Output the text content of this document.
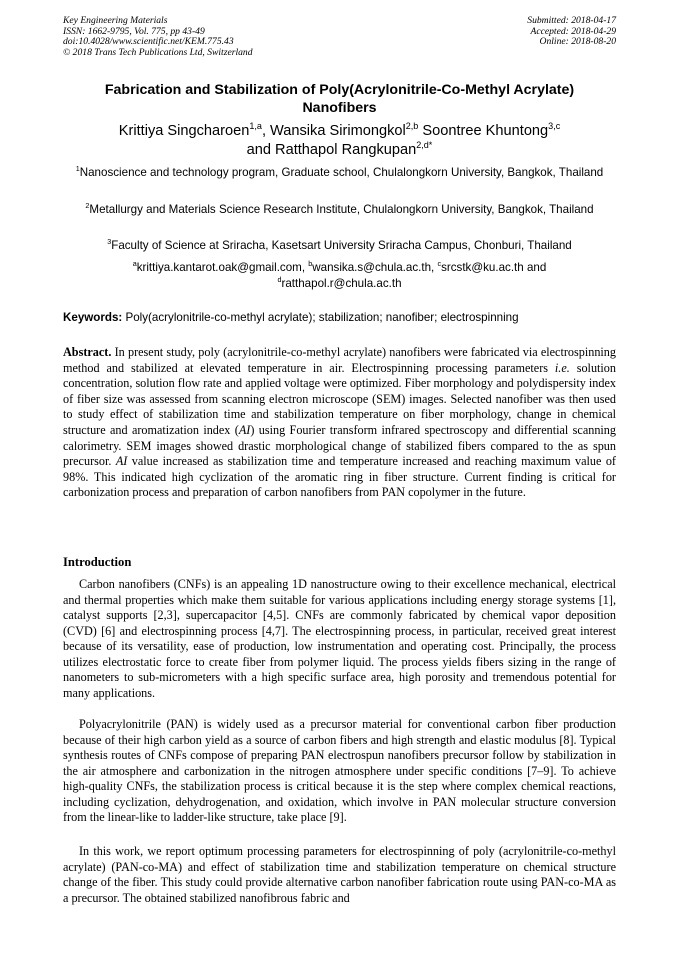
Key Engineering Materials
ISSN: 1662-9795, Vol. 775, pp 43-49
doi:10.4028/www.scientific.net/KEM.775.43
© 2018 Trans Tech Publications Ltd, Switzerland
Submitted: 2018-04-17
Accepted: 2018-04-29
Online: 2018-08-20
Fabrication and Stabilization of Poly(Acrylonitrile-Co-Methyl Acrylate)
Nanofibers
Krittiya Singcharoen$^{1,a}$, Wansika Sirimongkol$^{2,b}$ Soontree Khuntong$^{3,c}$
and Ratthapol Rangkupan$^{2,d*}$
$^1$Nanoscience and technology program, Graduate school, Chulalongkorn University, Bangkok, Thailand
$^2$Metallurgy and Materials Science Research Institute, Chulalongkorn University, Bangkok, Thailand
$^3$Faculty of Science at Sriracha, Kasetsart University Sriracha Campus, Chonburi, Thailand
$^a$krittiya.kantarot.oak@gmail.com, $^b$wansika.s@chula.ac.th, $^c$srcstk@ku.ac.th and
$^d$ratthapol.r@chula.ac.th
Keywords: Poly(acrylonitrile-co-methyl acrylate); stabilization; nanofiber; electrospinning
Abstract. In present study, poly (acrylonitrile-co-methyl acrylate) nanofibers were fabricated via electrospinning method and stabilized at elevated temperature in air. Electrospinning processing parameters i.e. solution concentration, solution flow rate and applied voltage were optimized. Fiber morphology and polydispersity index of fiber size was assessed from scanning electron microscope (SEM) images. Selected nanofiber was then used to study effect of stabilization time and stabilization temperature on fiber morphology, change in chemical structure and aromatization index (AI) using Fourier transform infrared spectroscopy and differential scanning calorimetry. SEM images showed drastic morphological change of stabilized fibers compared to the as spun precursor. AI value increased as stabilization time and temperature increased and reaching maximum value of 98%. This indicated high cyclization of the aromatic ring in fiber structure. Current finding is critical for carbonization process and preparation of carbon nanofibers from PAN copolymer in the future.
Introduction
Carbon nanofibers (CNFs) is an appealing 1D nanostructure owing to their excellence mechanical, electrical and thermal properties which make them suitable for various applications including energy storage systems [1], catalyst supports [2,3], supercapacitor [4,5]. CNFs are commonly fabricated by chemical vapor deposition (CVD) [6] and electrospinning process [4,7]. The electrospinning process, in particular, received great interest because of its versatility, ease of production, low instrumentation and operating cost. Principally, the process utilizes electrostatic force to create fiber from polymer liquid. The process yields fibers sizing in the range of nanometers to sub-micrometers with a high specific surface area, high porosity and tremendous potential for many applications.
Polyacrylonitrile (PAN) is widely used as a precursor material for conventional carbon fiber production because of their high carbon yield as a source of carbon fibers and high strength and elastic modulus [8]. Typical synthesis routes of CNFs compose of preparing PAN electrospun nanofibers precursor follow by stabilization in the air atmosphere and carbonization in the nitrogen atmosphere under specific conditions [7–9]. To achieve high-quality CNFs, the stabilization process is critical because it is the step where complex chemical reactions, including cyclization, dehydrogenation, and oxidation, which involve in PAN molecular structure conversion from the linear-like to ladder-like structure, take place [9].
In this work, we report optimum processing parameters for electrospinning of poly (acrylonitrile-co-methyl acrylate) (PAN-co-MA) and effect of stabilization time and stabilization temperature on chemical structure change of the fiber. This study could provide alternative carbon nanofiber fabrication route using PAN-co-MA as a precursor. The obtained stabilized nanofibrous fabric and
